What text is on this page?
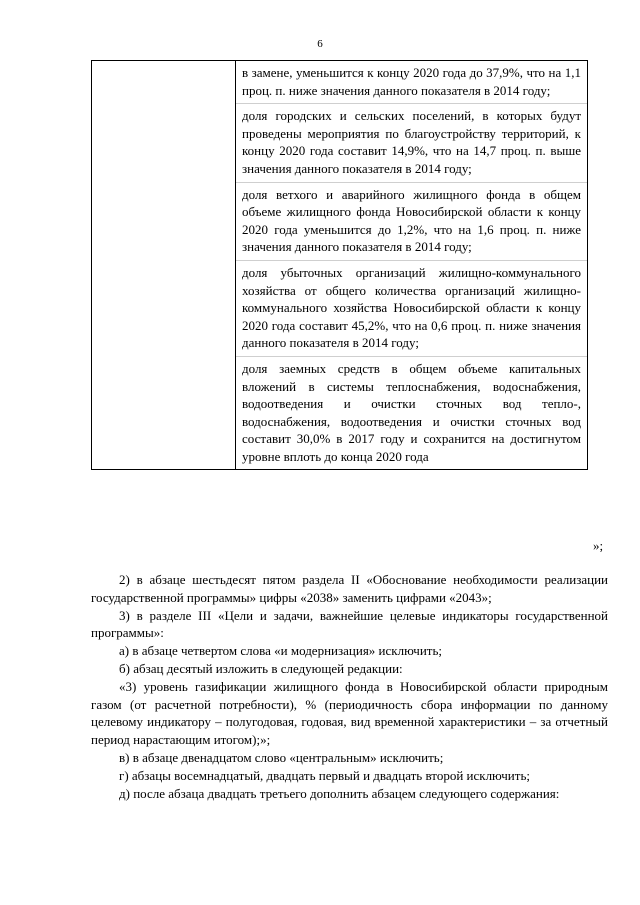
6

в замене, уменьшится к концу 2020 года до 37,9%, что на 1,1 проц. п. ниже значения данного показателя в 2014 году;
доля городских и сельских поселений, в которых будут проведены мероприятия по благоустройству территорий, к концу 2020 года составит 14,9%, что на 14,7 проц. п. выше значения данного показателя в 2014 году;
доля ветхого и аварийного жилищного фонда в общем объеме жилищного фонда Новосибирской области к концу 2020 года уменьшится до 1,2%, что на 1,6 проц. п. ниже значения данного показателя в 2014 году;
доля убыточных организаций жилищно-коммунального хозяйства от общего количества организаций жилищно-коммунального хозяйства Новосибирской области к концу 2020 года составит 45,2%, что на 0,6 проц. п. ниже значения данного показателя в 2014 году;
доля заемных средств в общем объеме капитальных вложений в системы теплоснабжения, водоснабжения, водоотведения и очистки сточных вод тепло-, водоснабжения, водоотведения и очистки сточных вод составит 30,0% в 2017 году и сохранится на достигнутом уровне вплоть до конца 2020 года
»;

2) в абзаце шестьдесят пятом раздела II «Обоснование необходимости реализации государственной программы» цифры «2038» заменить цифрами «2043»;

3) в разделе III «Цели и задачи, важнейшие целевые индикаторы государственной программы»:

а) в абзаце четвертом слова «и модернизация» исключить;

б) абзац десятый изложить в следующей редакции:

«3) уровень газификации жилищного фонда в Новосибирской области природным газом (от расчетной потребности), % (периодичность сбора информации по данному целевому индикатору – полугодовая, годовая, вид временной характеристики – за отчетный период нарастающим итогом);»;

в) в абзаце двенадцатом слово «центральным» исключить;

г) абзацы восемнадцатый, двадцать первый и двадцать второй исключить;

д) после абзаца двадцать третьего дополнить абзацем следующего содержания:
